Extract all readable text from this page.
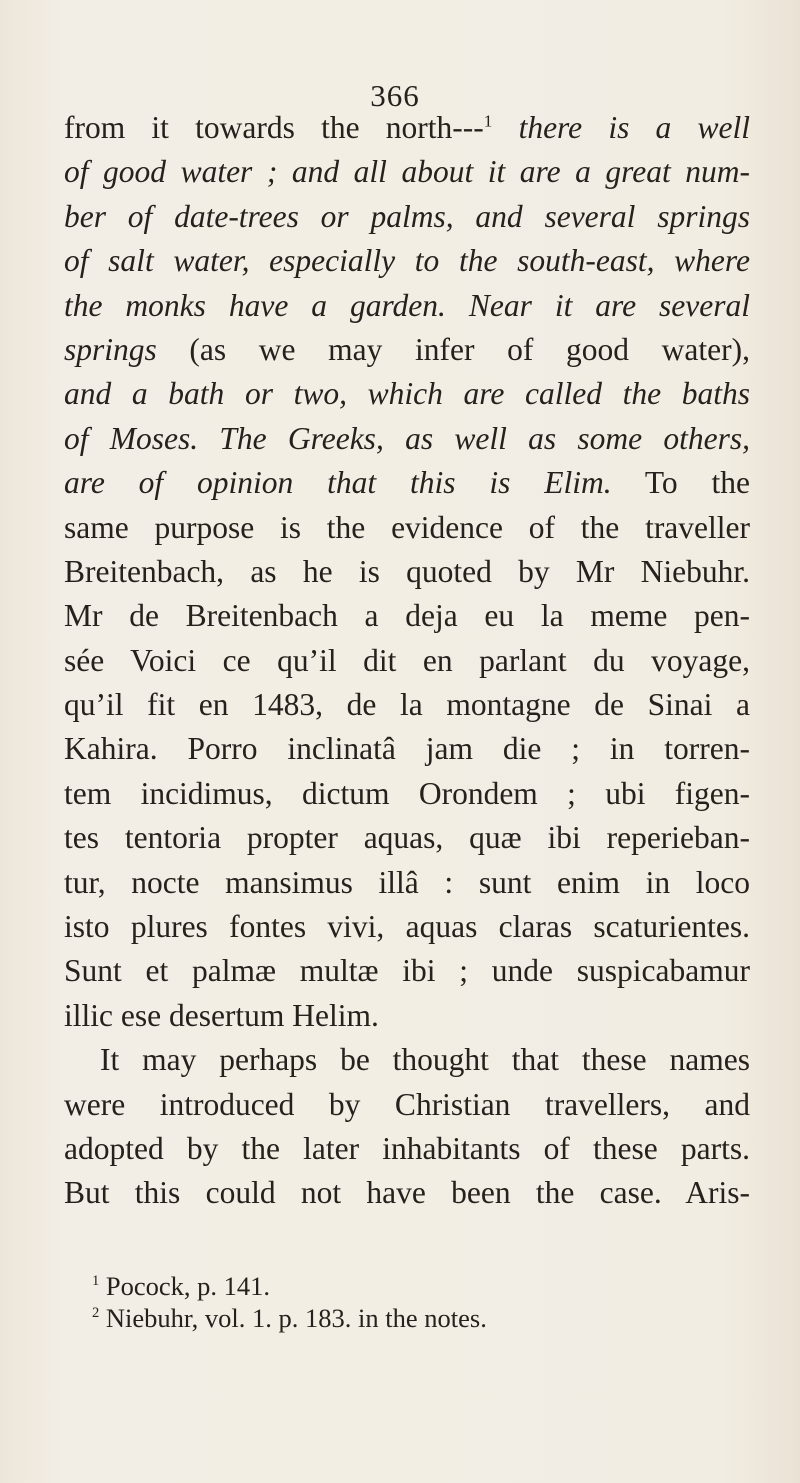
366
from it towards the north---$^1$ there is a well
of good water ; and all about it are a great num-
ber of date-trees or palms, and several springs
of salt water, especially to the south-east, where
the monks have a garden. Near it are several
springs (as we may infer of good water),
and a bath or two, which are called the baths
of Moses. The Greeks, as well as some others,
are of opinion that this is Elim. To the
same purpose is the evidence of the traveller
Breitenbach, as he is quoted by Mr Niebuhr.
Mr de Breitenbach a deja eu la meme pen-
sée Voici ce qu’il dit en parlant du voyage,
qu’il fit en 1483, de la montagne de Sinai a
Kahira. Porro inclinatâ jam die ; in torren-
tem incidimus, dictum Orondem ; ubi figen-
tes tentoria propter aquas, quæ ibi reperieban-
tur, nocte mansimus illâ : sunt enim in loco
isto plures fontes vivi, aquas claras scaturientes.
Sunt et palmæ multæ ibi ; unde suspicabamur
illic ese desertum Helim.
It may perhaps be thought that these names
were introduced by Christian travellers, and
adopted by the later inhabitants of these parts.
But this could not have been the case. Aris-
$^1$ Pocock, p. 141.
$^2$ Niebuhr, vol. 1. p. 183. in the notes.
